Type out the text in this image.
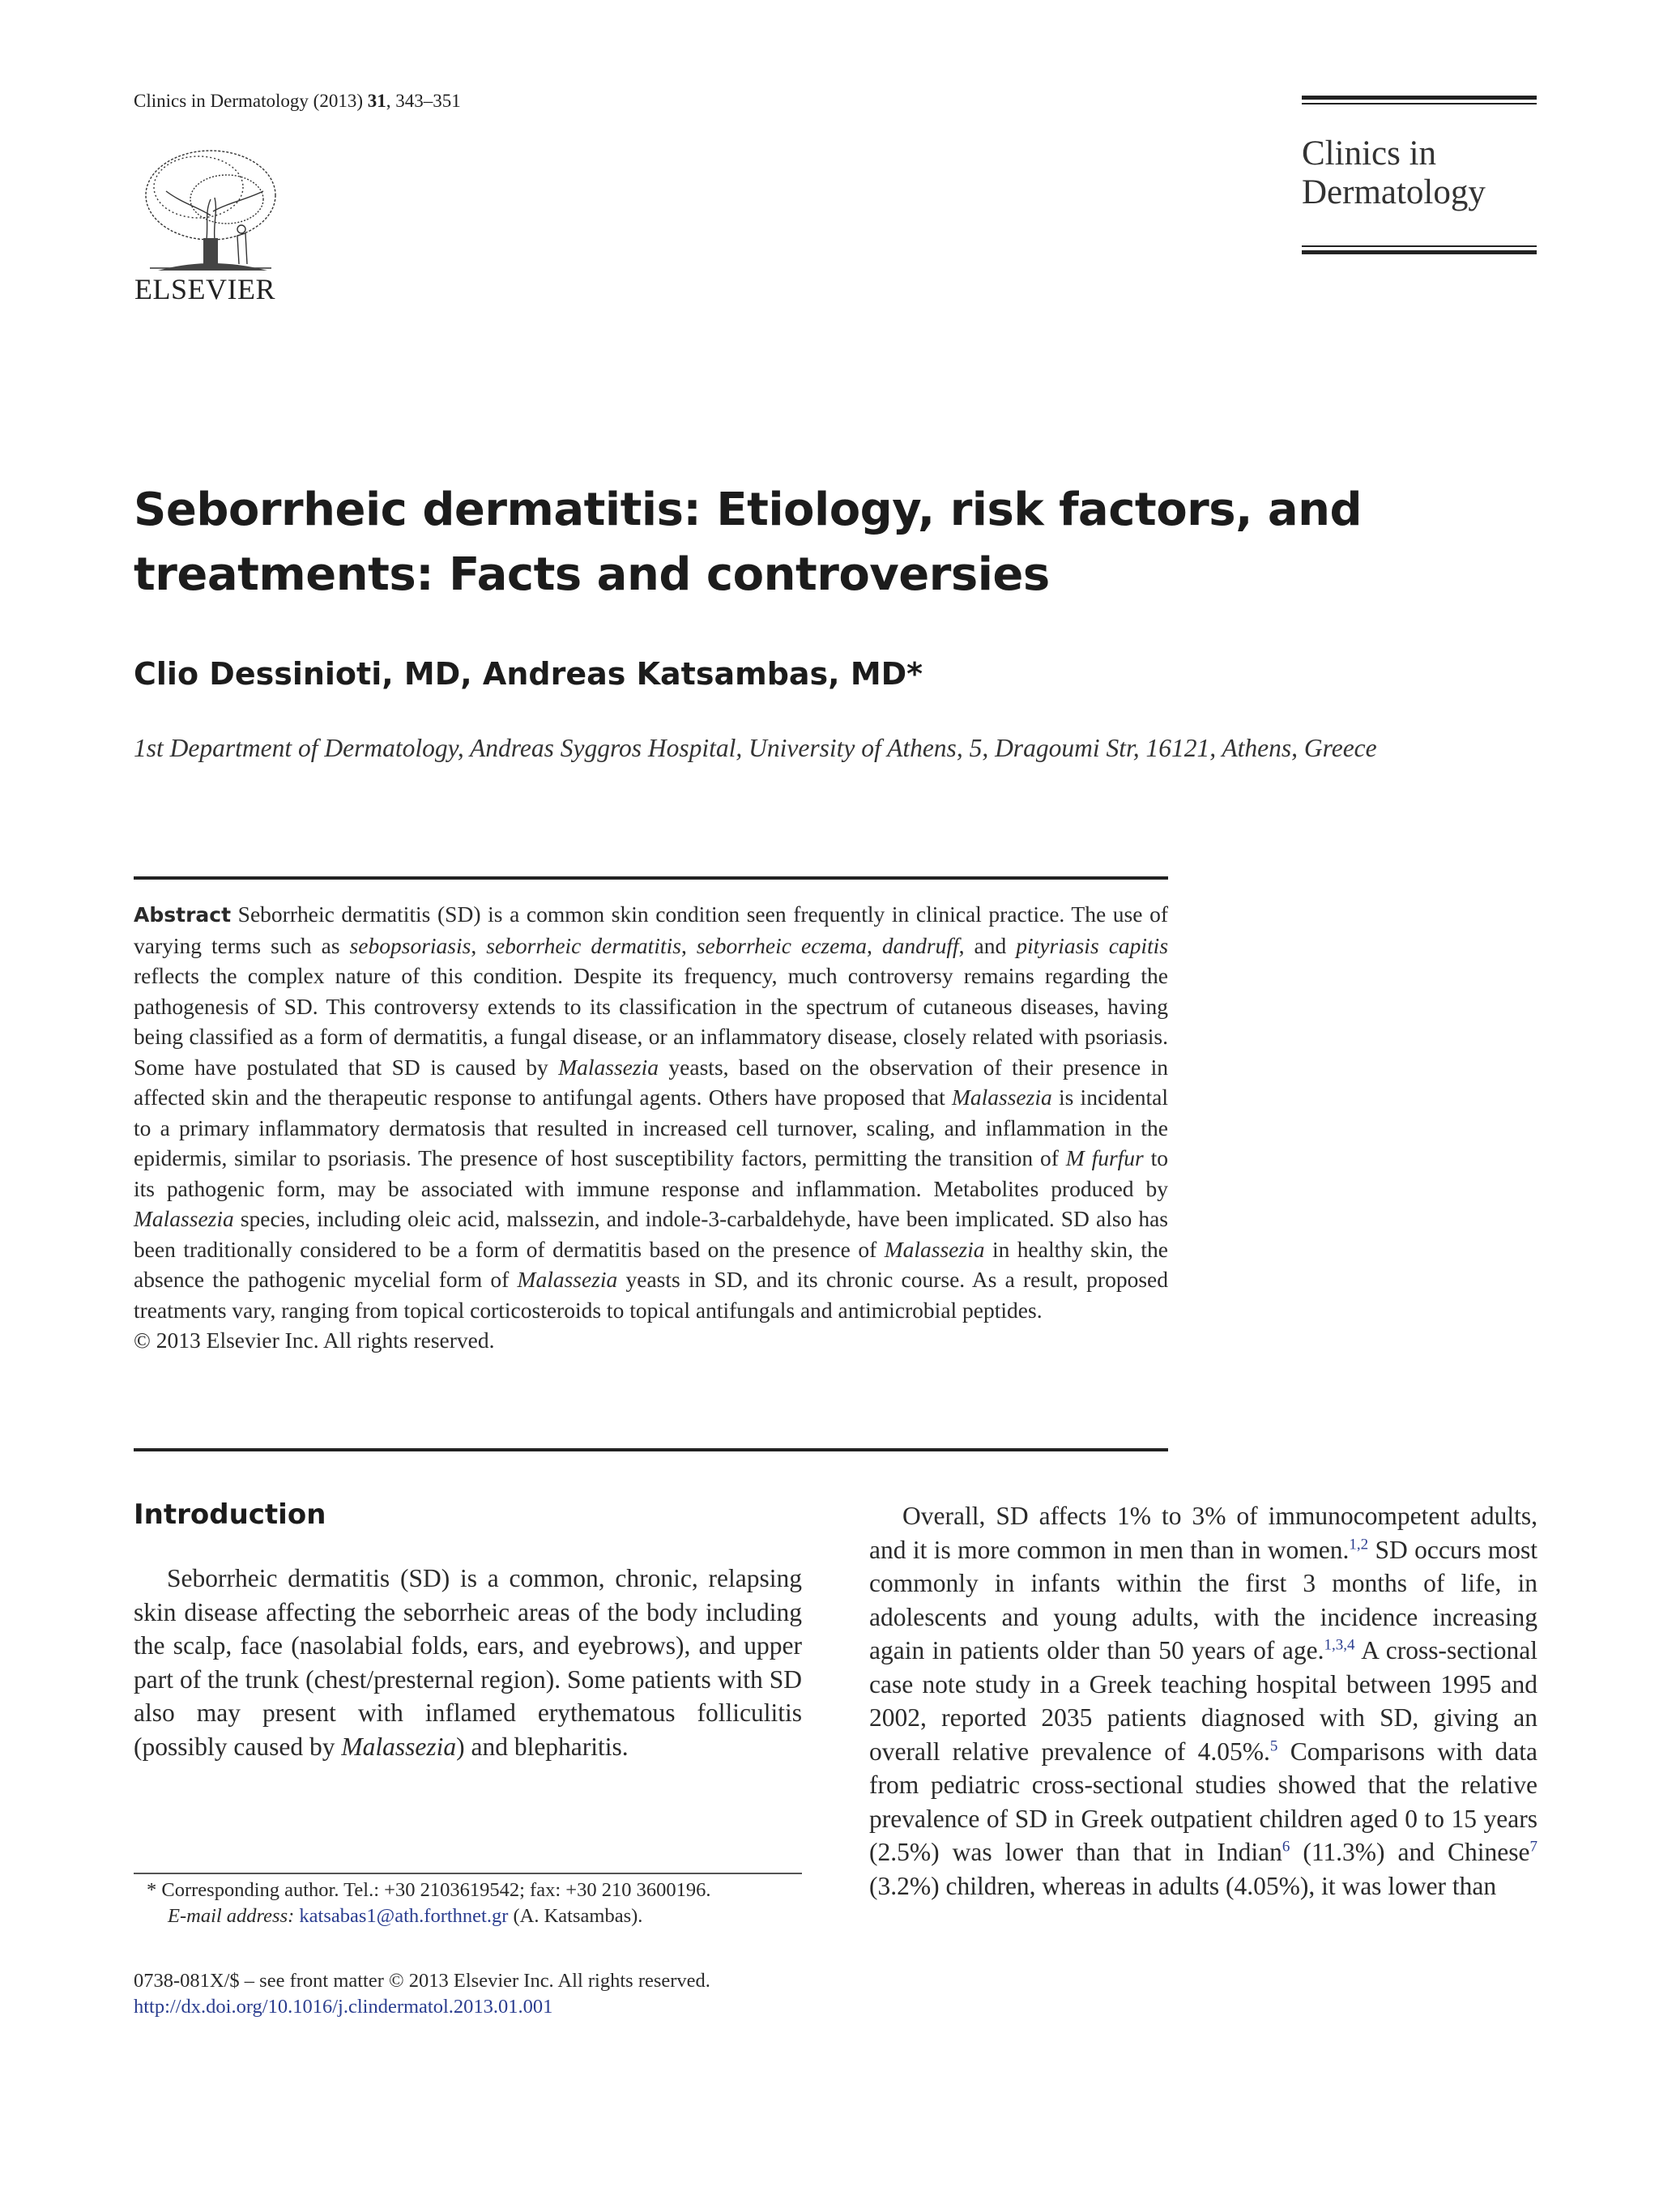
Clinics in Dermatology (2013) 31, 343–351
ELSEVIER
Clinics in
Dermatology
Seborrheic dermatitis: Etiology, risk factors, and treatments: Facts and controversies
Clio Dessinioti, MD, Andreas Katsambas, MD*
1st Department of Dermatology, Andreas Syggros Hospital, University of Athens, 5, Dragoumi Str, 16121, Athens, Greece
Abstract Seborrheic dermatitis (SD) is a common skin condition seen frequently in clinical practice. The use of varying terms such as sebopsoriasis, seborrheic dermatitis, seborrheic eczema, dandruff, and pityriasis capitis reflects the complex nature of this condition. Despite its frequency, much controversy remains regarding the pathogenesis of SD. This controversy extends to its classification in the spectrum of cutaneous diseases, having being classified as a form of dermatitis, a fungal disease, or an inflammatory disease, closely related with psoriasis. Some have postulated that SD is caused by Malassezia yeasts, based on the observation of their presence in affected skin and the therapeutic response to antifungal agents. Others have proposed that Malassezia is incidental to a primary inflammatory dermatosis that resulted in increased cell turnover, scaling, and inflammation in the epidermis, similar to psoriasis. The presence of host susceptibility factors, permitting the transition of M furfur to its pathogenic form, may be associated with immune response and inflammation. Metabolites produced by Malassezia species, including oleic acid, malssezin, and indole-3-carbaldehyde, have been implicated. SD also has been traditionally considered to be a form of dermatitis based on the presence of Malassezia in healthy skin, the absence the pathogenic mycelial form of Malassezia yeasts in SD, and its chronic course. As a result, proposed treatments vary, ranging from topical corticosteroids to topical antifungals and antimicrobial peptides.
© 2013 Elsevier Inc. All rights reserved.
Introduction

Seborrheic dermatitis (SD) is a common, chronic, relapsing skin disease affecting the seborrheic areas of the body including the scalp, face (nasolabial folds, ears, and eyebrows), and upper part of the trunk (chest/presternal region). Some patients with SD also may present with inflamed erythematous folliculitis (possibly caused by Malassezia) and blepharitis.

Overall, SD affects 1% to 3% of immunocompetent adults, and it is more common in men than in women.$^{1,2}$ SD occurs most commonly in infants within the first 3 months of life, in adolescents and young adults, with the incidence increasing again in patients older than 50 years of age.$^{1,3,4}$ A cross-sectional case note study in a Greek teaching hospital between 1995 and 2002, reported 2035 patients diagnosed with SD, giving an overall relative prevalence of 4.05%.$^5$ Comparisons with data from pediatric cross-sectional studies showed that the relative prevalence of SD in Greek outpatient children aged 0 to 15 years (2.5%) was lower than that in Indian$^6$ (11.3%) and Chinese$^7$ (3.2%) children, whereas in adults (4.05%), it was lower than

* Corresponding author. Tel.: +30 2103619542; fax: +30 210 3600196.
E-mail address: katsabas1@ath.forthnet.gr (A. Katsambas).
0738-081X/$ – see front matter © 2013 Elsevier Inc. All rights reserved.
http://dx.doi.org/10.1016/j.clindermatol.2013.01.001
